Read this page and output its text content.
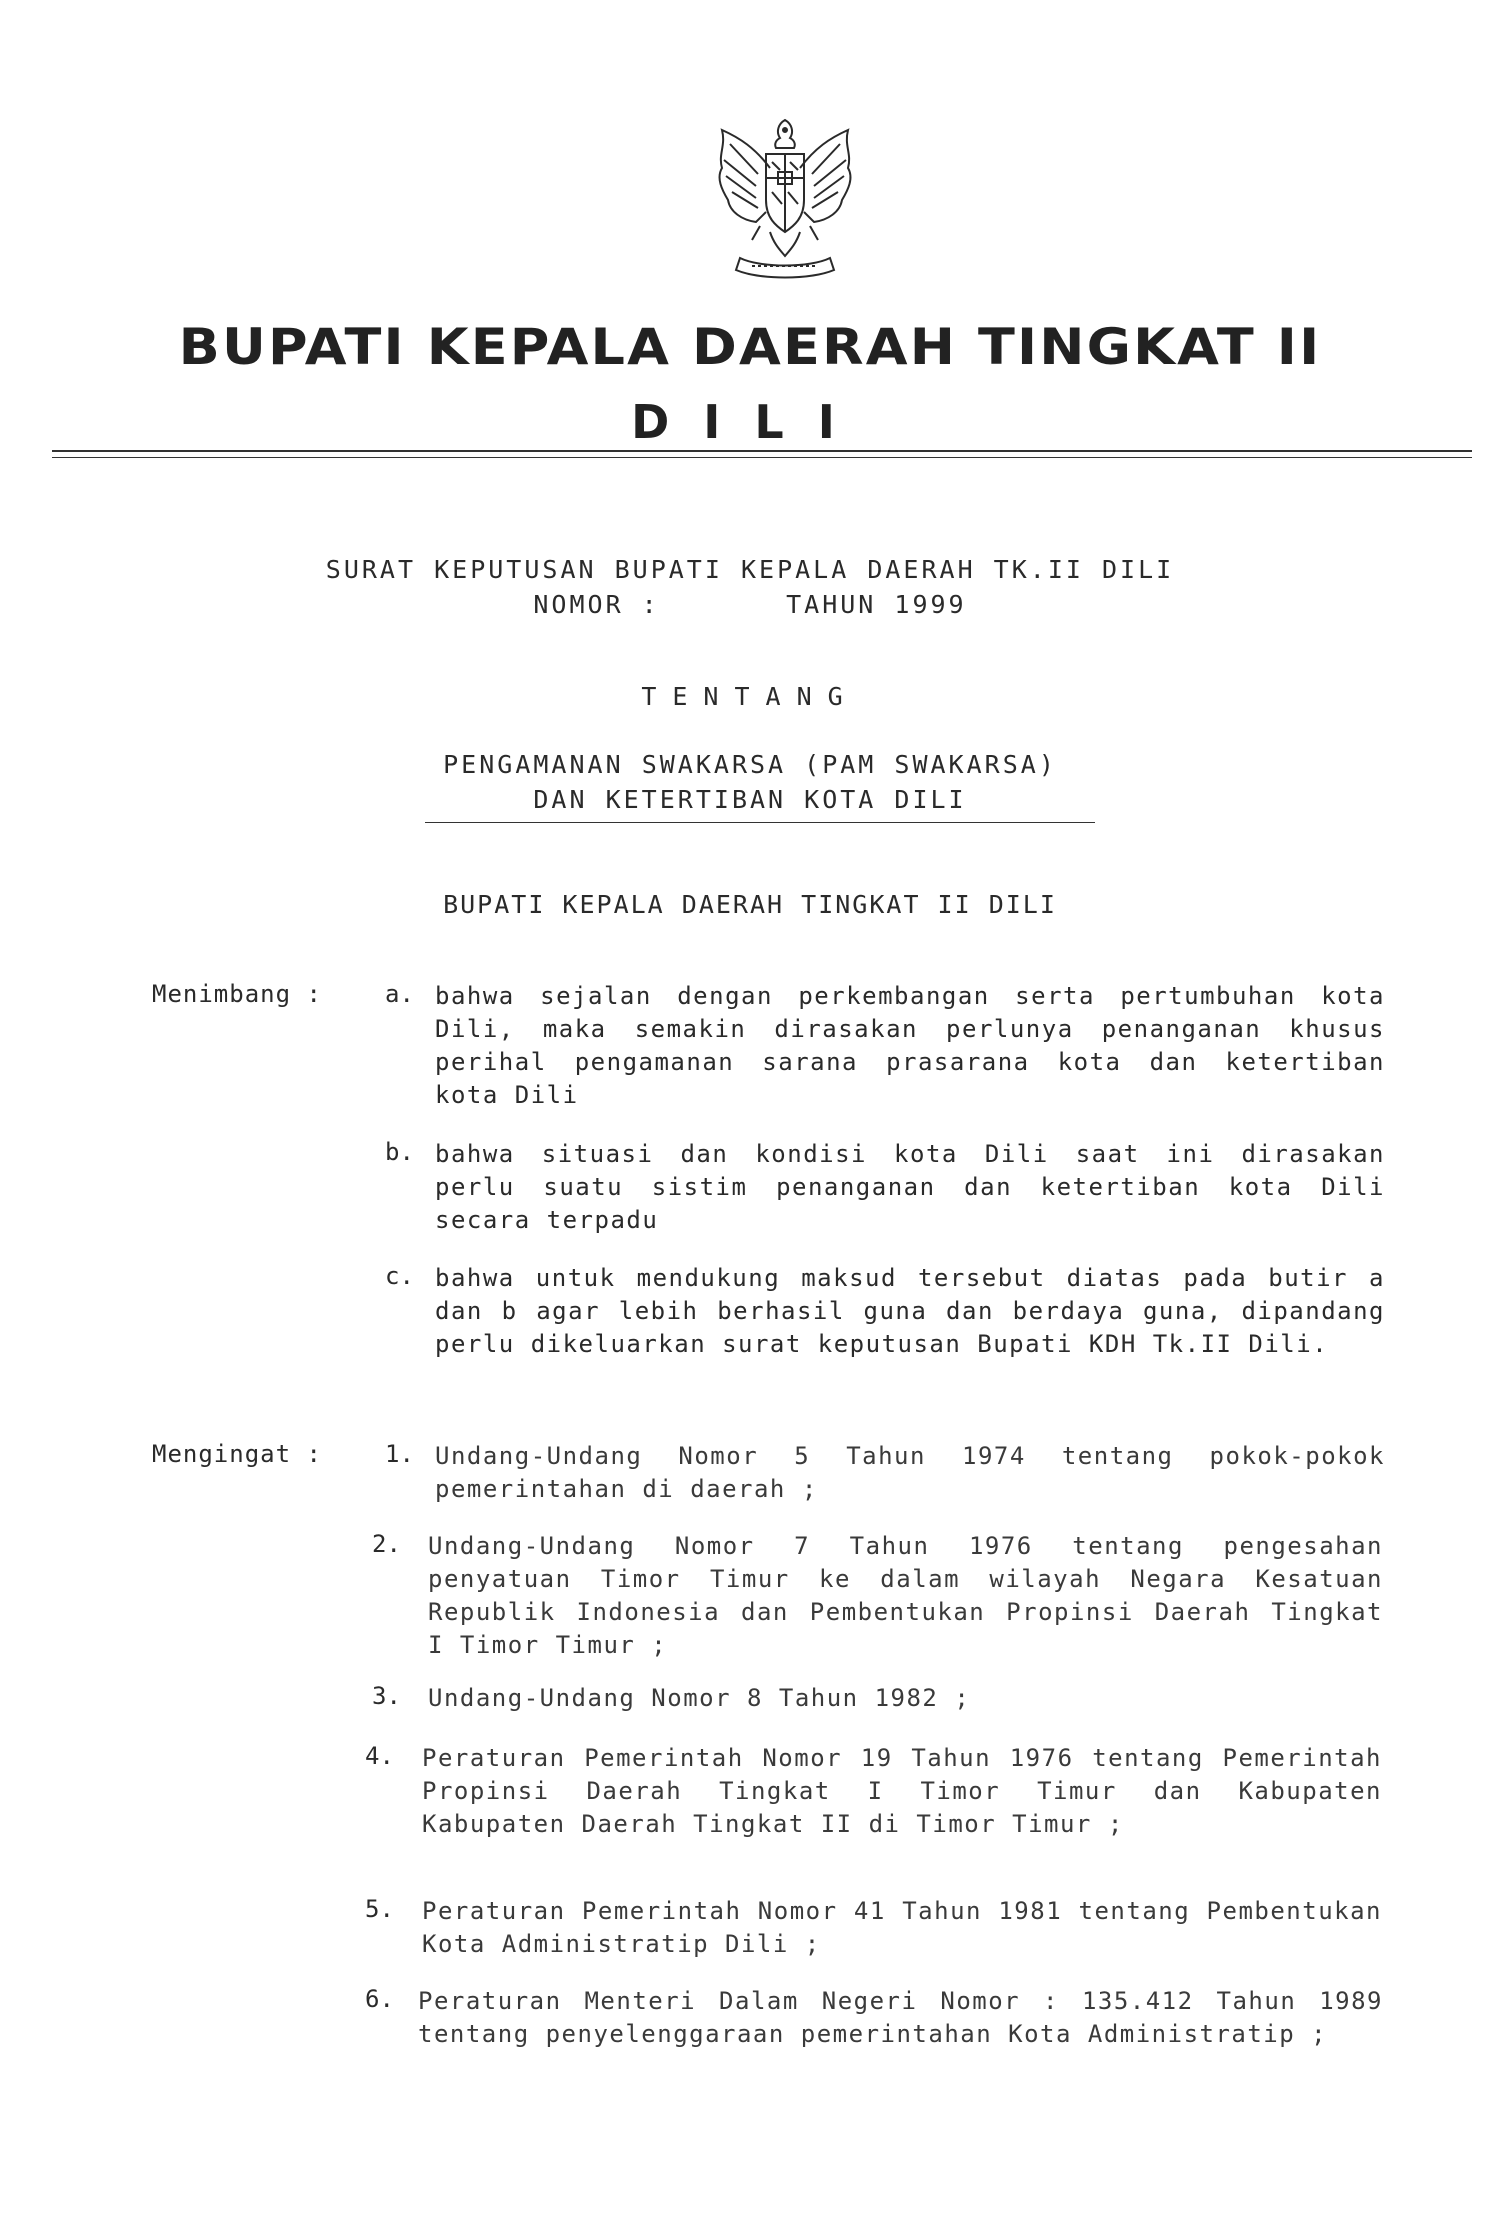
BUPATI KEPALA DAERAH TINGKAT II
DILI
SURAT KEPUTUSAN BUPATI KEPALA DAERAH TK.II DILI
NOMOR :       TAHUN 1999
TENTANG
PENGAMANAN SWAKARSA (PAM SWAKARSA)
DAN KETERTIBAN KOTA DILI
BUPATI KEPALA DAERAH TINGKAT II DILI
Menimbang :	a. bahwa sejalan dengan perkembangan serta pertumbuhan kota Dili, maka semakin dirasakan perlunya penanganan khusus perihal pengamanan sarana prasarana kota dan ketertiban kota Dili
b. bahwa situasi dan kondisi kota Dili saat ini dirasakan perlu suatu sistim penanganan dan ketertiban kota Dili secara terpadu
c. bahwa untuk mendukung maksud tersebut diatas pada butir a dan b agar lebih berhasil guna dan berdaya guna, dipandang perlu dikeluarkan surat keputusan Bupati KDH Tk.II Dili.
Mengingat :	1. Undang-Undang Nomor 5 Tahun 1974 tentang pokok-pokok pemerintahan di daerah ;
2. Undang-Undang Nomor 7 Tahun 1976 tentang pengesahan penyatuan Timor Timur ke dalam wilayah Negara Kesatuan Republik Indonesia dan Pembentukan Propinsi Daerah Tingkat I Timor Timur ;
3. Undang-Undang Nomor 8 Tahun 1982 ;
4. Peraturan Pemerintah Nomor 19 Tahun 1976 tentang Pemerintah Propinsi Daerah Tingkat I Timor Timur dan Kabupaten Kabupaten Daerah Tingkat II di Timor Timur ;
5. Peraturan Pemerintah Nomor 41 Tahun 1981 tentang Pembentukan Kota Administratip Dili ;
6. Peraturan Menteri Dalam Negeri Nomor : 135.412 Tahun 1989 tentang penyelenggaraan pemerintahan Kota Administratip ;
